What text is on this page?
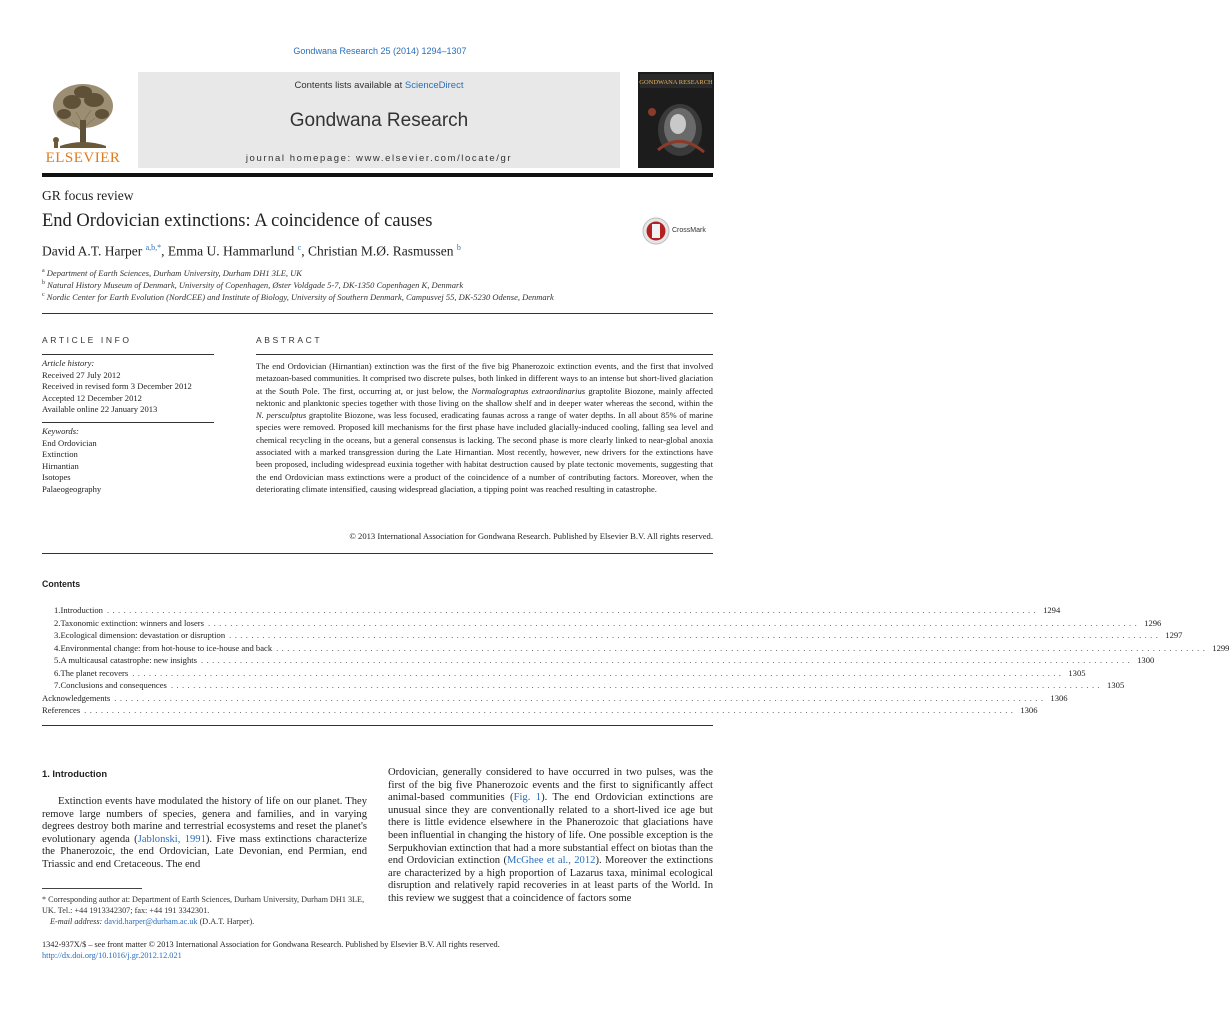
Gondwana Research 25 (2014) 1294–1307
ELSEVIER
Contents lists available at ScienceDirect
Gondwana Research
journal homepage: www.elsevier.com/locate/gr
GONDWANA RESEARCH
GR focus review
End Ordovician extinctions: A coincidence of causes
David A.T. Harper $^{a,b,*}$, Emma U. Hammarlund $^c$, Christian M.Ø. Rasmussen $^b$
CrossMark
$^a$ Department of Earth Sciences, Durham University, Durham DH1 3LE, UK
$^b$ Natural History Museum of Denmark, University of Copenhagen, Øster Voldgade 5-7, DK-1350 Copenhagen K, Denmark
$^c$ Nordic Center for Earth Evolution (NordCEE) and Institute of Biology, University of Southern Denmark, Campusvej 55, DK-5230 Odense, Denmark
ARTICLE INFO
Article history:
Received 27 July 2012
Received in revised form 3 December 2012
Accepted 12 December 2012
Available online 22 January 2013
Keywords:
End Ordovician
Extinction
Hirnantian
Isotopes
Palaeogeography
ABSTRACT
The end Ordovician (Hirnantian) extinction was the first of the five big Phanerozoic extinction events, and the first that involved metazoan-based communities. It comprised two discrete pulses, both linked in different ways to an intense but short-lived glaciation at the South Pole. The first, occurring at, or just below, the Normalograptus extraordinarius graptolite Biozone, mainly affected nektonic and planktonic species together with those living on the shallow shelf and in deeper water whereas the second, within the N. persculptus graptolite Biozone, was less focused, eradicating faunas across a range of water depths. In all about 85% of marine species were removed. Proposed kill mechanisms for the first phase have included glacially-induced cooling, falling sea level and chemical recycling in the oceans, but a general consensus is lacking. The second phase is more clearly linked to near-global anoxia associated with a marked transgression during the Late Hirnantian. Most recently, however, new drivers for the extinctions have been proposed, including widespread euxinia together with habitat destruction caused by plate tectonic movements, suggesting that the end Ordovician mass extinctions were a product of the coincidence of a number of contributing factors. Moreover, when the deteriorating climate intensified, causing widespread glaciation, a tipping point was reached resulting in catastrophe.
© 2013 International Association for Gondwana Research. Published by Elsevier B.V. All rights reserved.
Contents
1. Introduction ........................................................................................................................................................................ 1294
2. Taxonomic extinction: winners and losers ........................................................................................................................................................................ 1296
3. Ecological dimension: devastation or disruption ........................................................................................................................................................................ 1297
4. Environmental change: from hot-house to ice-house and back ........................................................................................................................................................................ 1299
5. A multicausal catastrophe: new insights ........................................................................................................................................................................ 1300
6. The planet recovers ........................................................................................................................................................................ 1305
7. Conclusions and consequences ........................................................................................................................................................................ 1305
Acknowledgements ........................................................................................................................................................................ 1306
References ........................................................................................................................................................................ 1306
1. Introduction
Extinction events have modulated the history of life on our planet. They remove large numbers of species, genera and families, and in varying degrees destroy both marine and terrestrial ecosystems and reset the planet's evolutionary agenda (Jablonski, 1991). Five mass extinctions characterize the Phanerozoic, the end Ordovician, Late Devonian, end Permian, end Triassic and end Cretaceous. The end
Ordovician, generally considered to have occurred in two pulses, was the first of the big five Phanerozoic events and the first to significantly affect animal-based communities (Fig. 1). The end Ordovician extinctions are unusual since they are conventionally related to a short-lived ice age but there is little evidence elsewhere in the Phanerozoic that glaciations have been influential in changing the history of life. One possible exception is the Serpukhovian extinction that had a more substantial effect on biotas than the end Ordovician extinction (McGhee et al., 2012). Moreover the extinctions are characterized by a high proportion of Lazarus taxa, minimal ecological disruption and relatively rapid recoveries in at least parts of the World. In this review we suggest that a coincidence of factors some
* Corresponding author at: Department of Earth Sciences, Durham University, Durham DH1 3LE, UK. Tel.: +44 1913342307; fax: +44 191 3342301.
E-mail address: david.harper@durham.ac.uk (D.A.T. Harper).
1342-937X/$ – see front matter © 2013 International Association for Gondwana Research. Published by Elsevier B.V. All rights reserved.
http://dx.doi.org/10.1016/j.gr.2012.12.021
